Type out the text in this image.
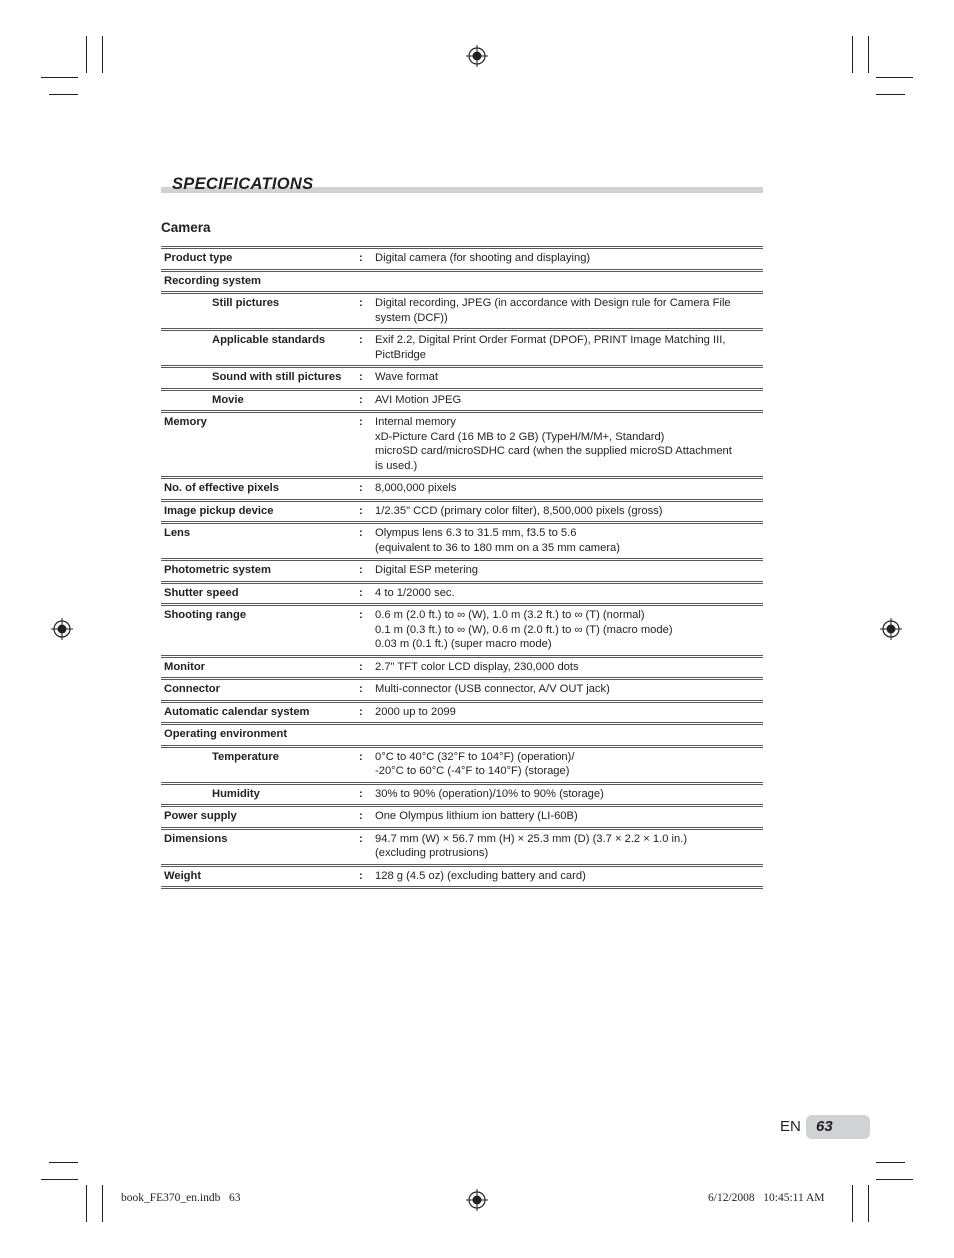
SPECIFICATIONS
Camera
Product type	:	Digital camera (for shooting and displaying)
Recording system
Still pictures	:	Digital recording, JPEG (in accordance with Design rule for Camera File
system (DCF))
Applicable standards	:	Exif 2.2, Digital Print Order Format (DPOF), PRINT Image Matching III,
PictBridge
Sound with still pictures	:	Wave format
Movie	:	AVI Motion JPEG
Memory	:	Internal memory
xD-Picture Card (16 MB to 2 GB) (TypeH/M/M+, Standard)
microSD card/microSDHC card (when the supplied microSD Attachment
is used.)
No. of effective pixels	:	8,000,000 pixels
Image pickup device	:	1/2.35" CCD (primary color filter), 8,500,000 pixels (gross)
Lens	:	Olympus lens 6.3 to 31.5 mm, f3.5 to 5.6
(equivalent to 36 to 180 mm on a 35 mm camera)
Photometric system	:	Digital ESP metering
Shutter speed	:	4 to 1/2000 sec.
Shooting range	:	0.6 m (2.0 ft.) to ∞ (W), 1.0 m (3.2 ft.) to ∞ (T) (normal)
0.1 m (0.3 ft.) to ∞ (W), 0.6 m (2.0 ft.) to ∞ (T) (macro mode)
0.03 m (0.1 ft.) (super macro mode)
Monitor	:	2.7" TFT color LCD display, 230,000 dots
Connector	:	Multi-connector (USB connector, A/V OUT jack)
Automatic calendar system	:	2000 up to 2099
Operating environment
Temperature	:	0°C to 40°C (32°F to 104°F) (operation)/
-20°C to 60°C (-4°F to 140°F) (storage)
Humidity	:	30% to 90% (operation)/10% to 90% (storage)
Power supply	:	One Olympus lithium ion battery (LI-60B)
Dimensions	:	94.7 mm (W) × 56.7 mm (H) × 25.3 mm (D) (3.7 × 2.2 × 1.0 in.)
(excluding protrusions)
Weight	:	128 g (4.5 oz) (excluding battery and card)
EN 63
book_FE370_en.indb   63	6/12/2008   10:45:11 AM
